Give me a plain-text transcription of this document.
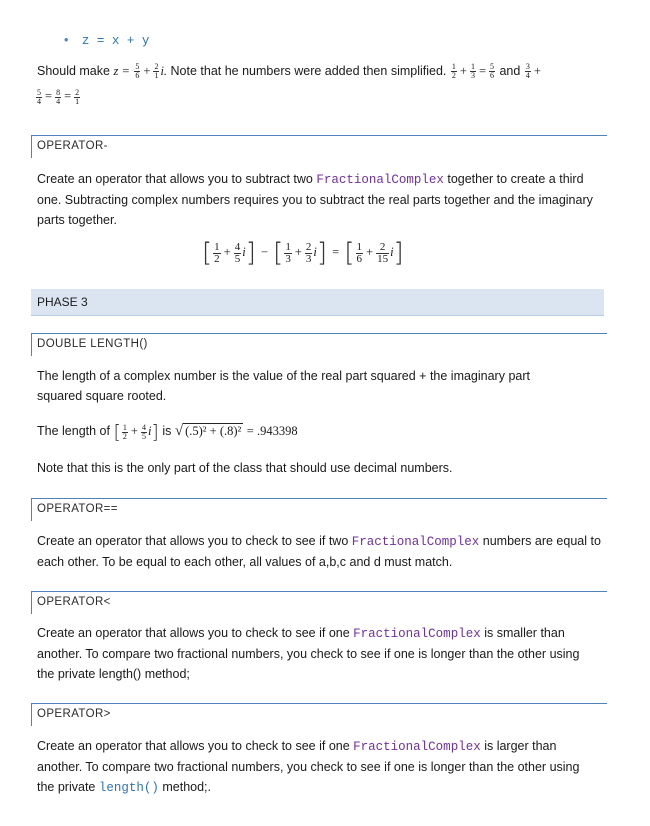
• z = x + y
Should make $z = \frac{5}{6} + \frac{2}{1} i$. Note that he numbers were added then simplified. $\frac{1}{2} + \frac{1}{3} = \frac{5}{6}$ and $\frac{3}{4}$ +
$\frac{5}{4} = \frac{8}{4} = \frac{2}{1}$
OPERATOR-
Create an operator that allows you to subtract two FractionalComplex together to create a third one. Subtracting complex numbers requires you to subtract the real parts together and the imaginary parts together.
[ $\frac{1}{2} + \frac{4}{5} i$] − [ $\frac{1}{3} + \frac{2}{3} i$] = [ $\frac{1}{6} + \frac{2}{15} i$]
PHASE 3
DOUBLE LENGTH()
The length of a complex number is the value of the real part squared + the imaginary part squared square rooted.
The length of [ $\frac{1}{2} + \frac{4}{5} i$] is √ (.5)² + (.8)² = .943398
Note that this is the only part of the class that should use decimal numbers.
OPERATOR==
Create an operator that allows you to check to see if two FractionalComplex numbers are equal to each other. To be equal to each other, all values of a,b,c and d must match.
OPERATOR<
Create an operator that allows you to check to see if one FractionalComplex is smaller than another. To compare two fractional numbers, you check to see if one is longer than the other using the private length() method;
OPERATOR>
Create an operator that allows you to check to see if one FractionalComplex is larger than another. To compare two fractional numbers, you check to see if one is longer than the other using the private length() method;.
